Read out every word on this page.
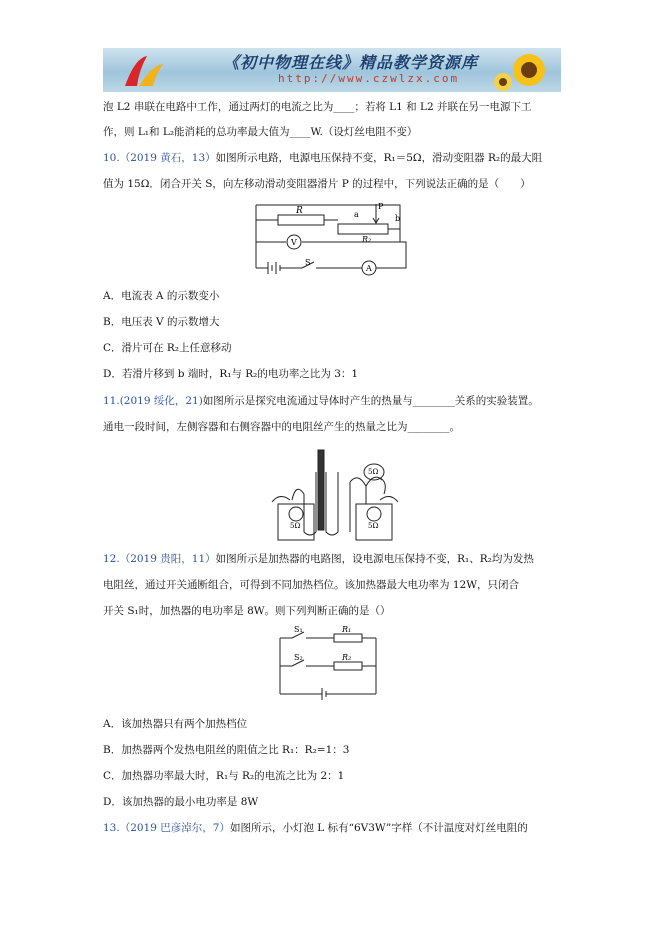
《初中物理在线》精品教学资源库
http://www.czwlzx.com
泡 L2 串联在电路中工作，通过两灯的电流之比为____；若将 L1 和 L2 并联在另一电源下工
作，则 L₁和 L₂能消耗的总功率最大值为____W.（设灯丝电阻不变）
10.（2019 黄石，13）如图所示电路，电源电压保持不变，R₁＝5Ω，滑动变阻器 R₂的最大阻
值为 15Ω．闭合开关 S，向左移动滑动变阻器滑片 P 的过程中，下列说法正确的是（　　）
R	a
P
b
R₂
V
S
A
A．电流表 A 的示数变小
B．电压表 V 的示数增大
C．滑片可在 R₂上任意移动
D．若滑片移到 b 端时，R₁与 R₂的电功率之比为 3：1
11.(2019 绥化，21)如图所示是探究电流通过导体时产生的热量与________关系的实验装置。
通电一段时间，左侧容器和右侧容器中的电阻丝产生的热量之比为________。
5Ω	5Ω
5Ω
12.（2019 贵阳，11）如图所示是加热器的电路图，设电源电压保持不变，R₁、R₂均为发热
电阻丝，通过开关通断组合，可得到不同加热档位。该加热器最大电功率为 12W，只闭合
开关 S₁时，加热器的电功率是 8W。则下列判断正确的是（）
S₁	R₁
S₂	R₂
A．该加热器只有两个加热档位
B．加热器两个发热电阻丝的阻值之比 R₁：R₂=1：3
C．加热器功率最大时，R₁与 R₂的电流之比为 2：1
D．该加热器的最小电功率是 8W
13.（2019 巴彦淖尔，7）如图所示，小灯泡 L 标有“6V3W”字样（不计温度对灯丝电阻的
